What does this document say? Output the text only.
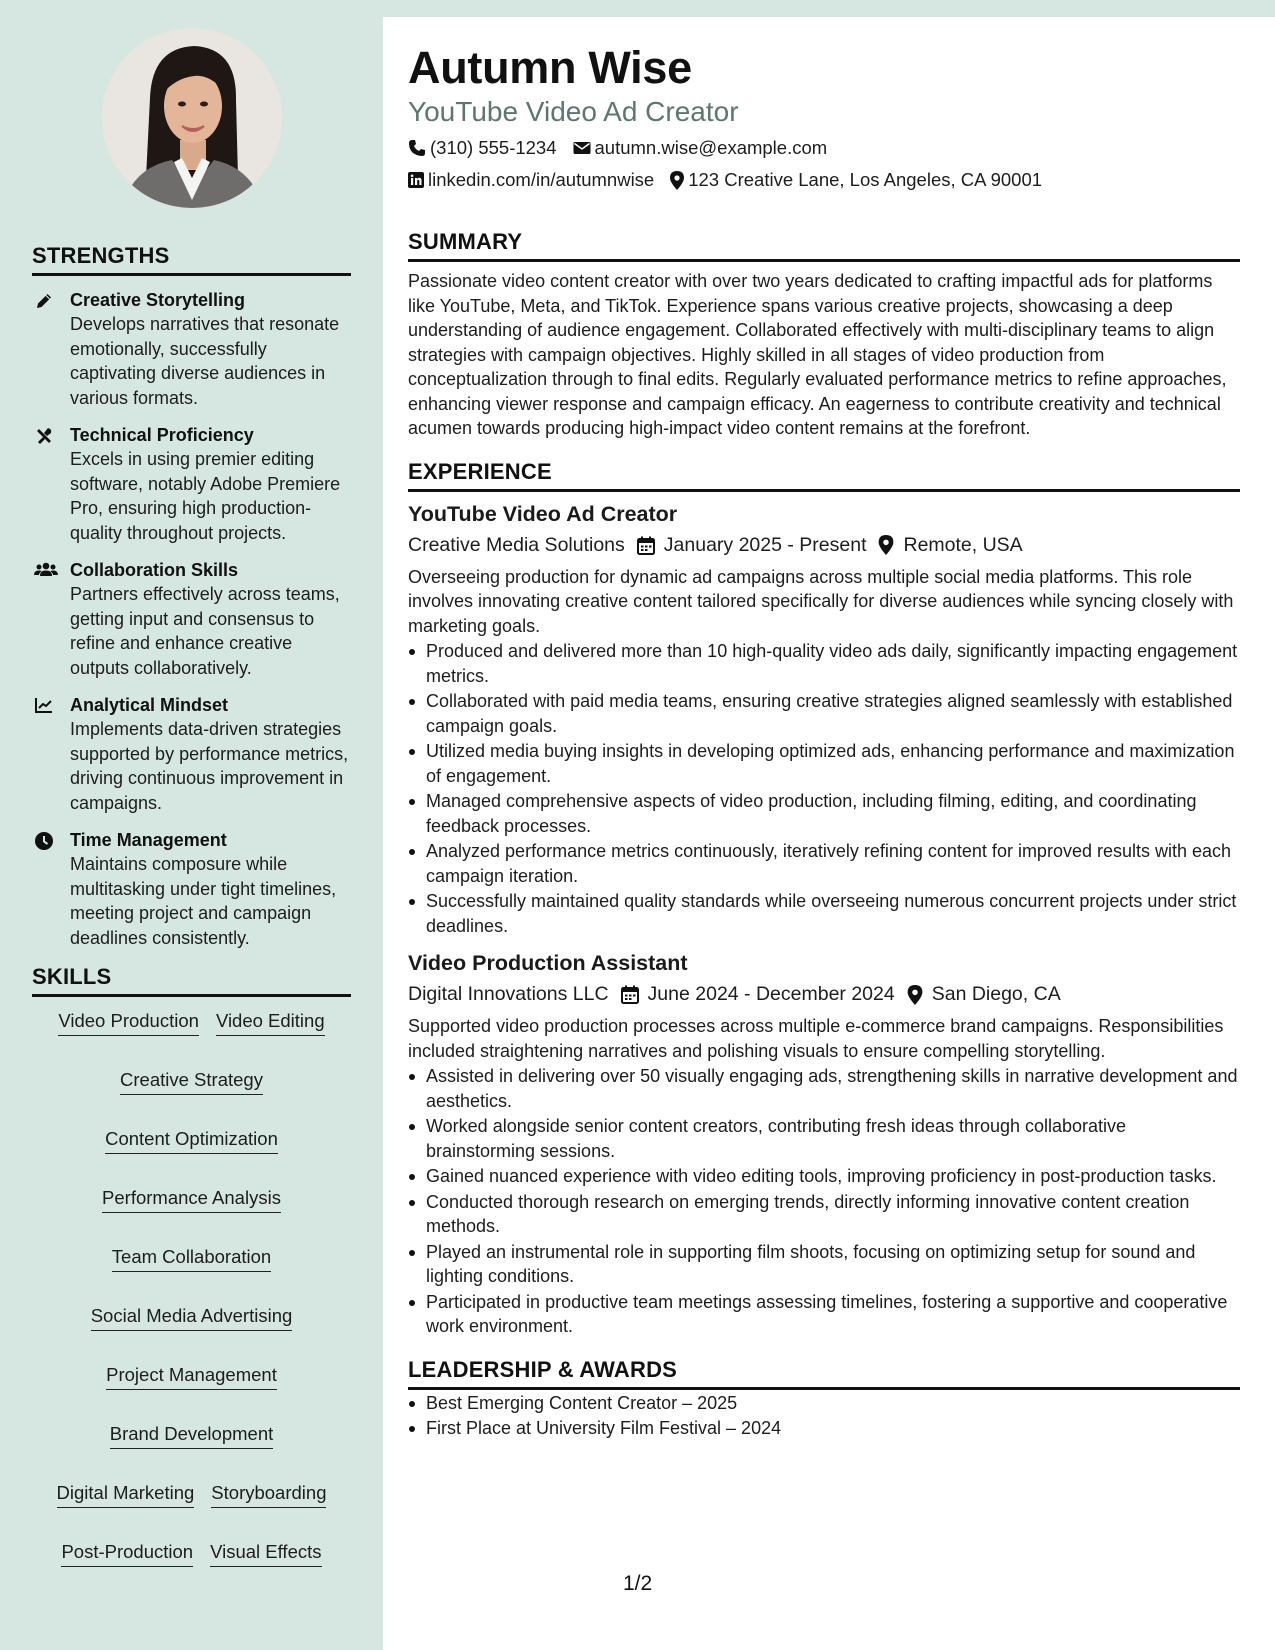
STRENGTHS
Creative Storytelling
Develops narratives that resonate emotionally, successfully captivating diverse audiences in various formats.
Technical Proficiency
Excels in using premier editing software, notably Adobe Premiere Pro, ensuring high production-quality throughout projects.
Collaboration Skills
Partners effectively across teams, getting input and consensus to refine and enhance creative outputs collaboratively.
Analytical Mindset
Implements data-driven strategies supported by performance metrics, driving continuous improvement in campaigns.
Time Management
Maintains composure while multitasking under tight timelines, meeting project and campaign deadlines consistently.
SKILLS
Video Production Video Editing
Creative Strategy
Content Optimization
Performance Analysis
Team Collaboration
Social Media Advertising
Project Management
Brand Development
Digital Marketing Storyboarding
Post-Production Visual Effects
Autumn Wise
YouTube Video Ad Creator
(310) 555-1234 autumn.wise@example.com
linkedin.com/in/autumnwise 123 Creative Lane, Los Angeles, CA 90001
SUMMARY

Passionate video content creator with over two years dedicated to crafting impactful ads for platforms like YouTube, Meta, and TikTok. Experience spans various creative projects, showcasing a deep understanding of audience engagement. Collaborated effectively with multi-disciplinary teams to align strategies with campaign objectives. Highly skilled in all stages of video production from conceptualization through to final edits. Regularly evaluated performance metrics to refine approaches, enhancing viewer response and campaign efficacy. An eagerness to contribute creativity and technical acumen towards producing high-impact video content remains at the forefront.

EXPERIENCE
YouTube Video Ad Creator
Creative Media Solutions January 2025 - Present Remote, USA

Overseeing production for dynamic ad campaigns across multiple social media platforms. This role involves innovating creative content tailored specifically for diverse audiences while syncing closely with marketing goals.

Produced and delivered more than 10 high-quality video ads daily, significantly impacting engagement metrics.
Collaborated with paid media teams, ensuring creative strategies aligned seamlessly with established campaign goals.
Utilized media buying insights in developing optimized ads, enhancing performance and maximization of engagement.
Managed comprehensive aspects of video production, including filming, editing, and coordinating feedback processes.
Analyzed performance metrics continuously, iteratively refining content for improved results with each campaign iteration.
Successfully maintained quality standards while overseeing numerous concurrent projects under strict deadlines.
Video Production Assistant
Digital Innovations LLC June 2024 - December 2024 San Diego, CA

Supported video production processes across multiple e-commerce brand campaigns. Responsibilities included straightening narratives and polishing visuals to ensure compelling storytelling.

Assisted in delivering over 50 visually engaging ads, strengthening skills in narrative development and aesthetics.
Worked alongside senior content creators, contributing fresh ideas through collaborative brainstorming sessions.
Gained nuanced experience with video editing tools, improving proficiency in post-production tasks.
Conducted thorough research on emerging trends, directly informing innovative content creation methods.
Played an instrumental role in supporting film shoots, focusing on optimizing setup for sound and lighting conditions.
Participated in productive team meetings assessing timelines, fostering a supportive and cooperative work environment.
LEADERSHIP & AWARDS
Best Emerging Content Creator – 2025
First Place at University Film Festival – 2024
1/2
